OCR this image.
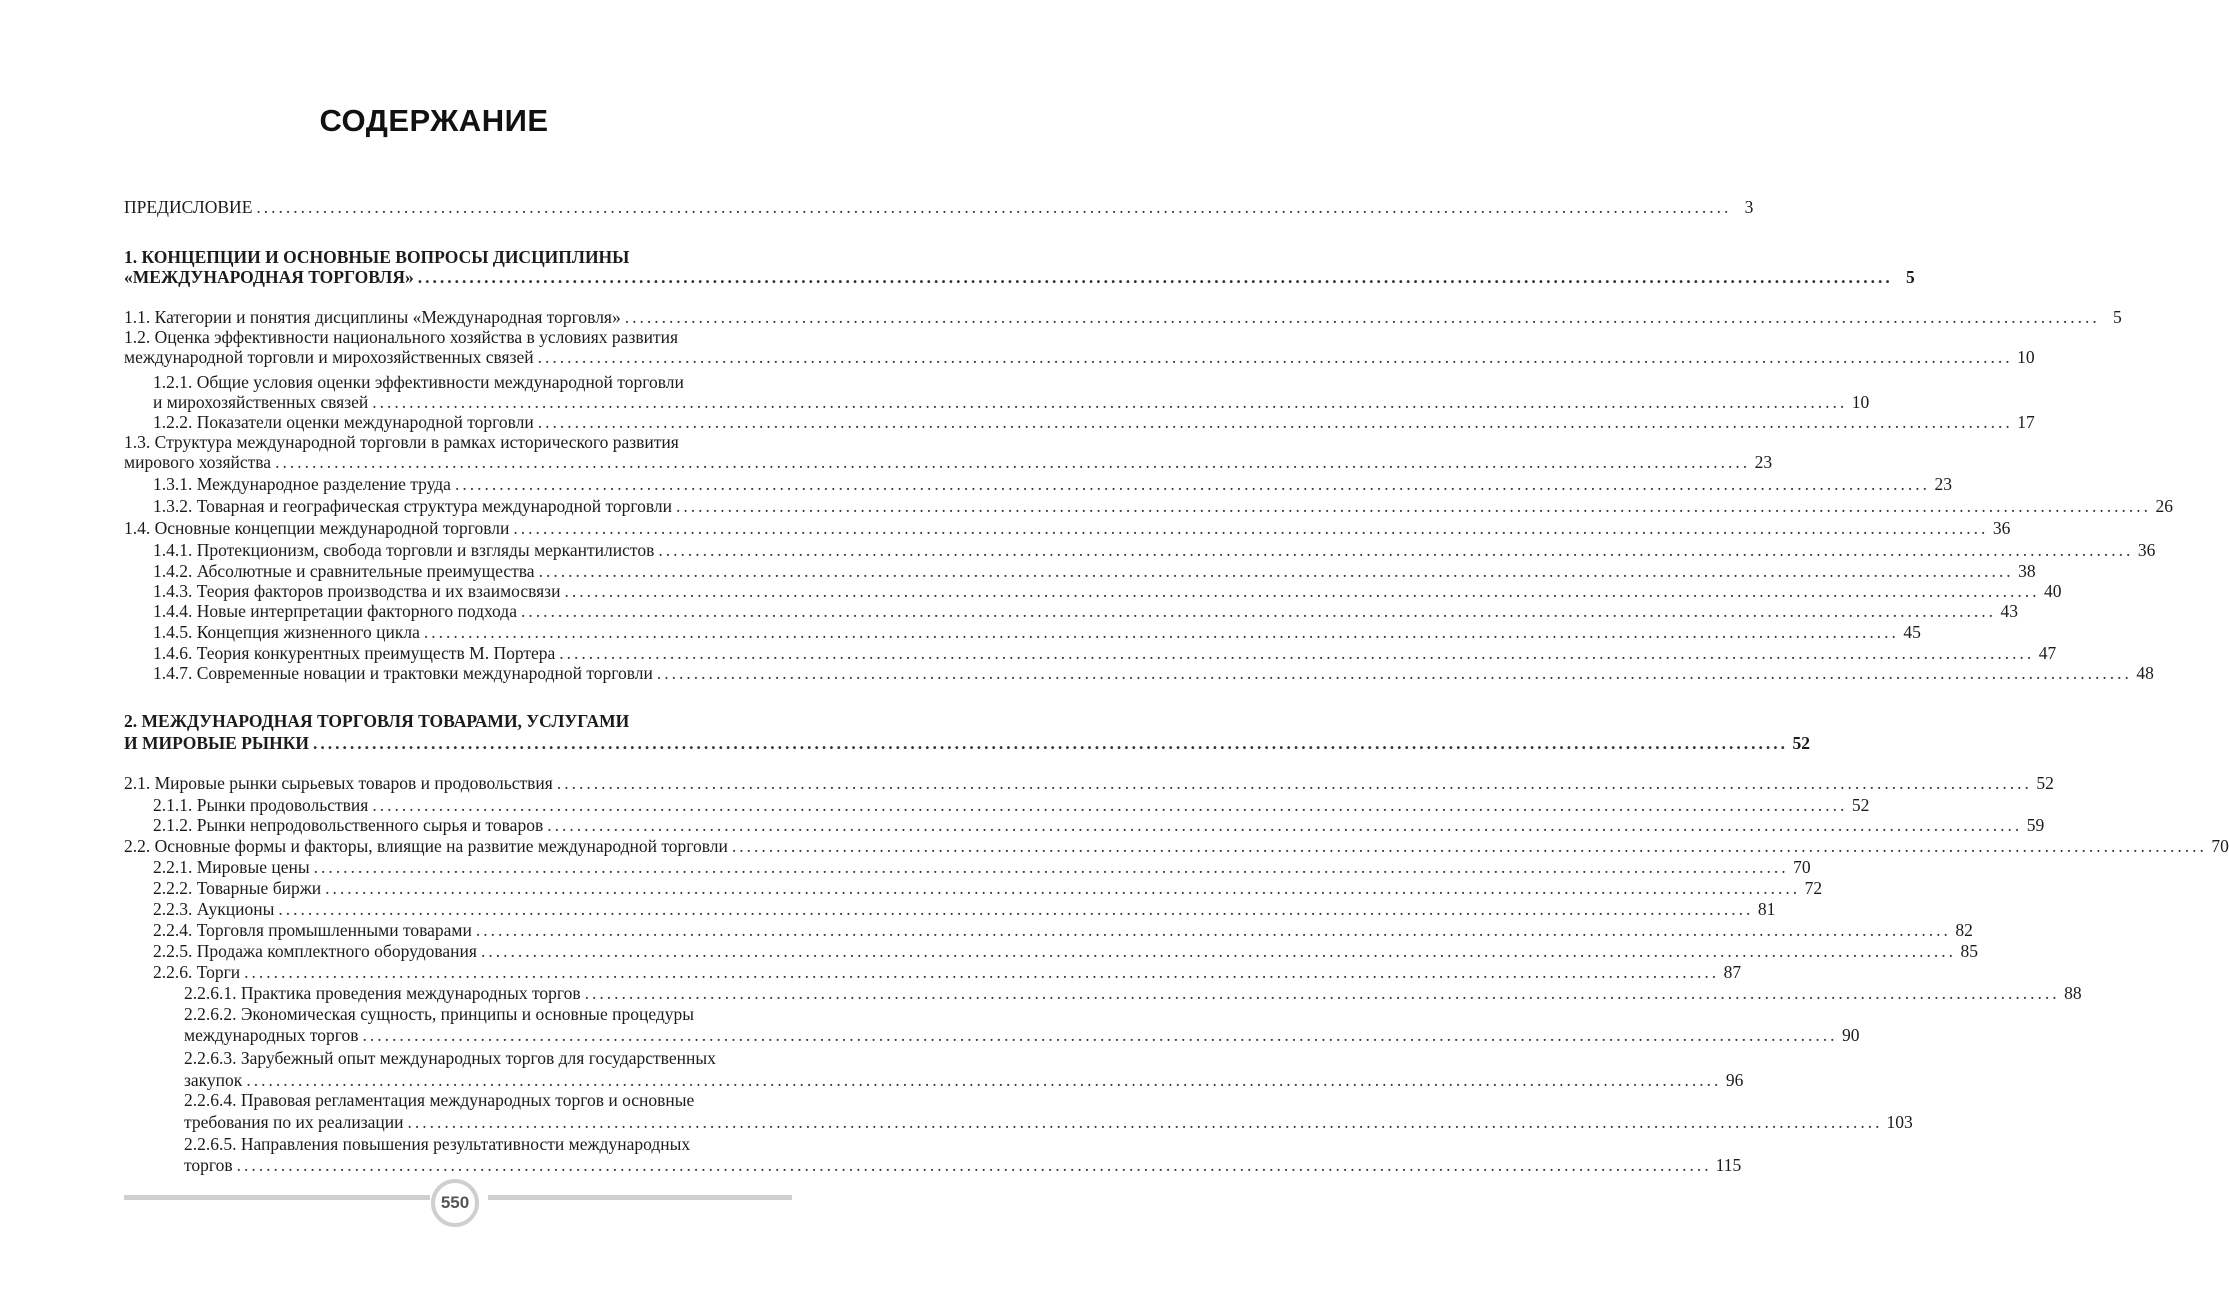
СОДЕРЖАНИЕ
ПРЕДИСЛОВИЕ ........................................................................................................................................................................................................ 3
1. КОНЦЕПЦИИ И ОСНОВНЫЕ ВОПРОСЫ ДИСЦИПЛИНЫ
«МЕЖДУНАРОДНАЯ ТОРГОВЛЯ» ........................................................................................................................................................................................................ 5
1.1. Категории и понятия дисциплины «Международная торговля» ........................................................................................................................................................................................................ 5
1.2. Оценка эффективности национального хозяйства в условиях развития
международной торговли и мирохозяйственных связей ........................................................................................................................................................................................................ 10
1.2.1. Общие условия оценки эффективности международной торговли
и мирохозяйственных связей ........................................................................................................................................................................................................ 10
1.2.2. Показатели оценки международной торговли ........................................................................................................................................................................................................ 17
1.3. Структура международной торговли в рамках исторического развития
мирового хозяйства ........................................................................................................................................................................................................ 23
1.3.1. Международное разделение труда ........................................................................................................................................................................................................ 23
1.3.2. Товарная и географическая структура международной торговли ........................................................................................................................................................................................................ 26
1.4. Основные концепции международной торговли ........................................................................................................................................................................................................ 36
1.4.1. Протекционизм, свобода торговли и взгляды меркантилистов ........................................................................................................................................................................................................ 36
1.4.2. Абсолютные и сравнительные преимущества ........................................................................................................................................................................................................ 38
1.4.3. Теория факторов производства и их взаимосвязи ........................................................................................................................................................................................................ 40
1.4.4. Новые интерпретации факторного подхода ........................................................................................................................................................................................................ 43
1.4.5. Концепция жизненного цикла ........................................................................................................................................................................................................ 45
1.4.6. Теория конкурентных преимуществ М. Портера ........................................................................................................................................................................................................ 47
1.4.7. Современные новации и трактовки международной торговли ........................................................................................................................................................................................................ 48
2. МЕЖДУНАРОДНАЯ ТОРГОВЛЯ ТОВАРАМИ, УСЛУГАМИ
И МИРОВЫЕ РЫНКИ ........................................................................................................................................................................................................ 52
2.1. Мировые рынки сырьевых товаров и продовольствия ........................................................................................................................................................................................................ 52
2.1.1. Рынки продовольствия ........................................................................................................................................................................................................ 52
2.1.2. Рынки непродовольственного сырья и товаров ........................................................................................................................................................................................................ 59
2.2. Основные формы и факторы, влиящие на развитие международной торговли ........................................................................................................................................................................................................ 70
2.2.1. Мировые цены ........................................................................................................................................................................................................ 70
2.2.2. Товарные биржи ........................................................................................................................................................................................................ 72
2.2.3. Аукционы ........................................................................................................................................................................................................ 81
2.2.4. Торговля промышленными товарами ........................................................................................................................................................................................................ 82
2.2.5. Продажа комплектного оборудования ........................................................................................................................................................................................................ 85
2.2.6. Торги ........................................................................................................................................................................................................ 87
2.2.6.1. Практика проведения международных торгов ........................................................................................................................................................................................................ 88
2.2.6.2. Экономическая сущность, принципы и основные процедуры
международных торгов ........................................................................................................................................................................................................ 90
2.2.6.3. Зарубежный опыт международных торгов для государственных
закупок ........................................................................................................................................................................................................ 96
2.2.6.4. Правовая регламентация международных торгов и основные
требования по их реализации ........................................................................................................................................................................................................ 103
2.2.6.5. Направления повышения результативности международных
торгов ........................................................................................................................................................................................................ 115
550
